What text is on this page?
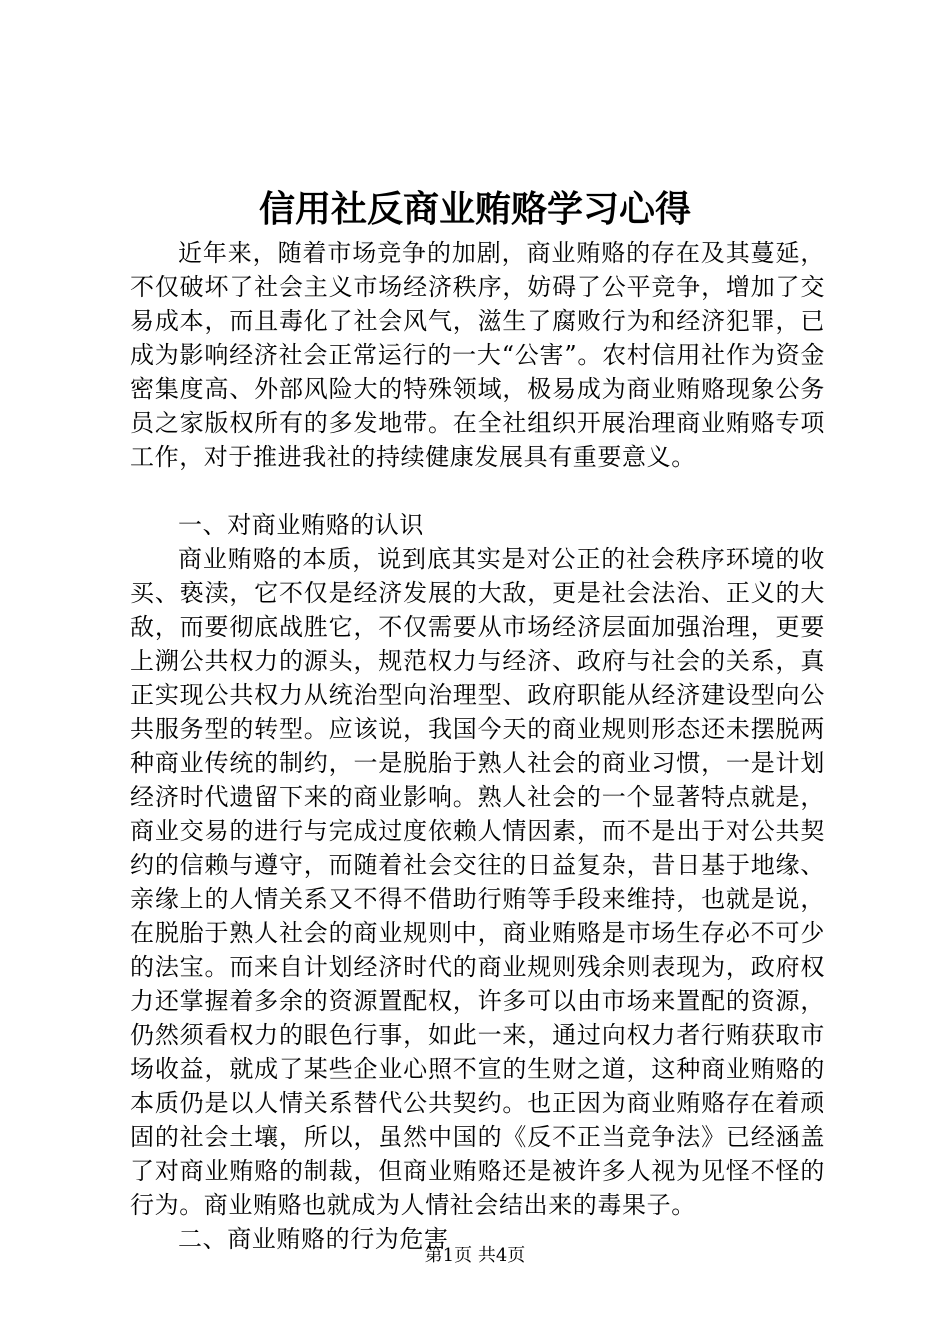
信用社反商业贿赂学习心得

近年来，随着市场竞争的加剧，商业贿赂的存在及其蔓延，不仅破坏了社会主义市场经济秩序，妨碍了公平竞争，增加了交易成本，而且毒化了社会风气，滋生了腐败行为和经济犯罪，已成为影响经济社会正常运行的一大“公害”。农村信用社作为资金密集度高、外部风险大的特殊领域，极易成为商业贿赂现象公务员之家版权所有的多发地带。在全社组织开展治理商业贿赂专项工作，对于推进我社的持续健康发展具有重要意义。

一、对商业贿赂的认识

商业贿赂的本质，说到底其实是对公正的社会秩序环境的收买、亵渎，它不仅是经济发展的大敌，更是社会法治、正义的大敌，而要彻底战胜它，不仅需要从市场经济层面加强治理，更要上溯公共权力的源头，规范权力与经济、政府与社会的关系，真正实现公共权力从统治型向治理型、政府职能从经济建设型向公共服务型的转型。应该说，我国今天的商业规则形态还未摆脱两种商业传统的制约，一是脱胎于熟人社会的商业习惯，一是计划经济时代遗留下来的商业影响。熟人社会的一个显著特点就是，商业交易的进行与完成过度依赖人情因素，而不是出于对公共契约的信赖与遵守，而随着社会交往的日益复杂，昔日基于地缘、亲缘上的人情关系又不得不借助行贿等手段来维持，也就是说，在脱胎于熟人社会的商业规则中，商业贿赂是市场生存必不可少的法宝。而来自计划经济时代的商业规则残余则表现为，政府权力还掌握着多余的资源置配权，许多可以由市场来置配的资源，仍然须看权力的眼色行事，如此一来，通过向权力者行贿获取市场收益，就成了某些企业心照不宣的生财之道，这种商业贿赂的本质仍是以人情关系替代公共契约。也正因为商业贿赂存在着顽固的社会土壤，所以，虽然中国的《反不正当竞争法》已经涵盖了对商业贿赂的制裁，但商业贿赂还是被许多人视为见怪不怪的行为。商业贿赂也就成为人情社会结出来的毒果子。

二、商业贿赂的行为危害

第1页 共4页
